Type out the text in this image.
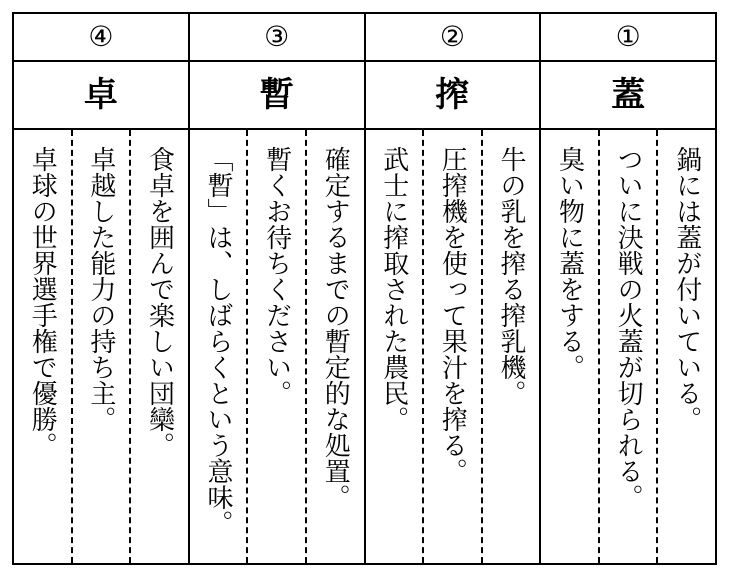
①
蓋
鍋には蓋が付いている。
ついに決戦の火蓋が切られる。
臭い物に蓋をする。
②
搾
牛の乳を搾る搾乳機。
圧搾機を使って果汁を搾る。
武士に搾取された農民。
③
暫
確定するまでの暫定的な処置。
暫くお待ちください。
「暫」は、しばらくという意味。
④
卓
食卓を囲んで楽しい団欒。
卓越した能力の持ち主。
卓球の世界選手権で優勝。
